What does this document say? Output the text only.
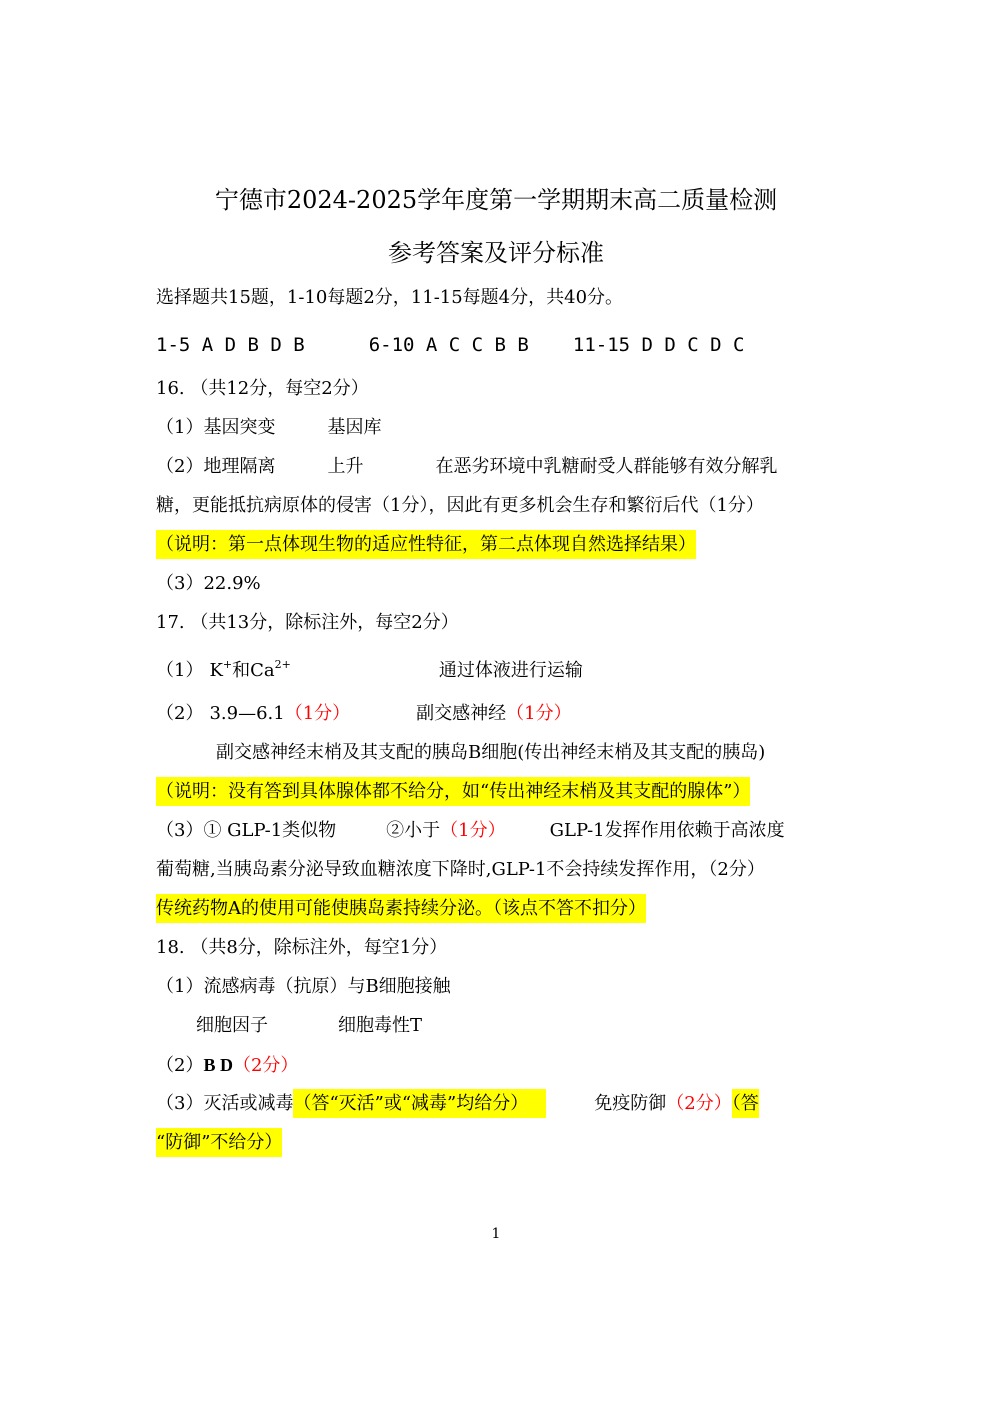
宁德市2024-2025学年度第一学期期末高二质量检测
参考答案及评分标准
选择题共15题，1-10每题2分，11-15每题4分，共40分。
1-5 A D B D B	6-10 A C C B B 11-15 D D C D C
16. （共12分，每空2分）
（1）基因突变	基因库
（2）地理隔离	上升	在恶劣环境中乳糖耐受人群能够有效分解乳
糖，更能抵抗病原体的侵害（1分），因此有更多机会生存和繁衍后代（1分）
（说明：第一点体现生物的适应性特征，第二点体现自然选择结果）
（3）22.9%
17. （共13分，除标注外，每空2分）
（1） K+和$Ca^{2+}$	通过体液进行运输
（2） 3.9—6.1（1分）	副交感神经（1分）
副交感神经末梢及其支配的胰岛B细胞(传出神经末梢及其支配的胰岛)
（说明：没有答到具体腺体都不给分，如“传出神经末梢及其支配的腺体”）
（3）① GLP-1类似物	②小于（1分） GLP-1发挥作用依赖于高浓度
葡萄糖,当胰岛素分泌导致血糖浓度下降时,GLP-1不会持续发挥作用，（2分）
传统药物A的使用可能使胰岛素持续分泌。（该点不答不扣分）
18. （共8分，除标注外，每空1分）
（1）流感病毒（抗原）与B细胞接触
细胞因子	细胞毒性T
（2）B D（2分）
（3）灭活或减毒（答“灭活”或“减毒”均给分）	免疫防御（2分）（答
“防御”不给分）
1
